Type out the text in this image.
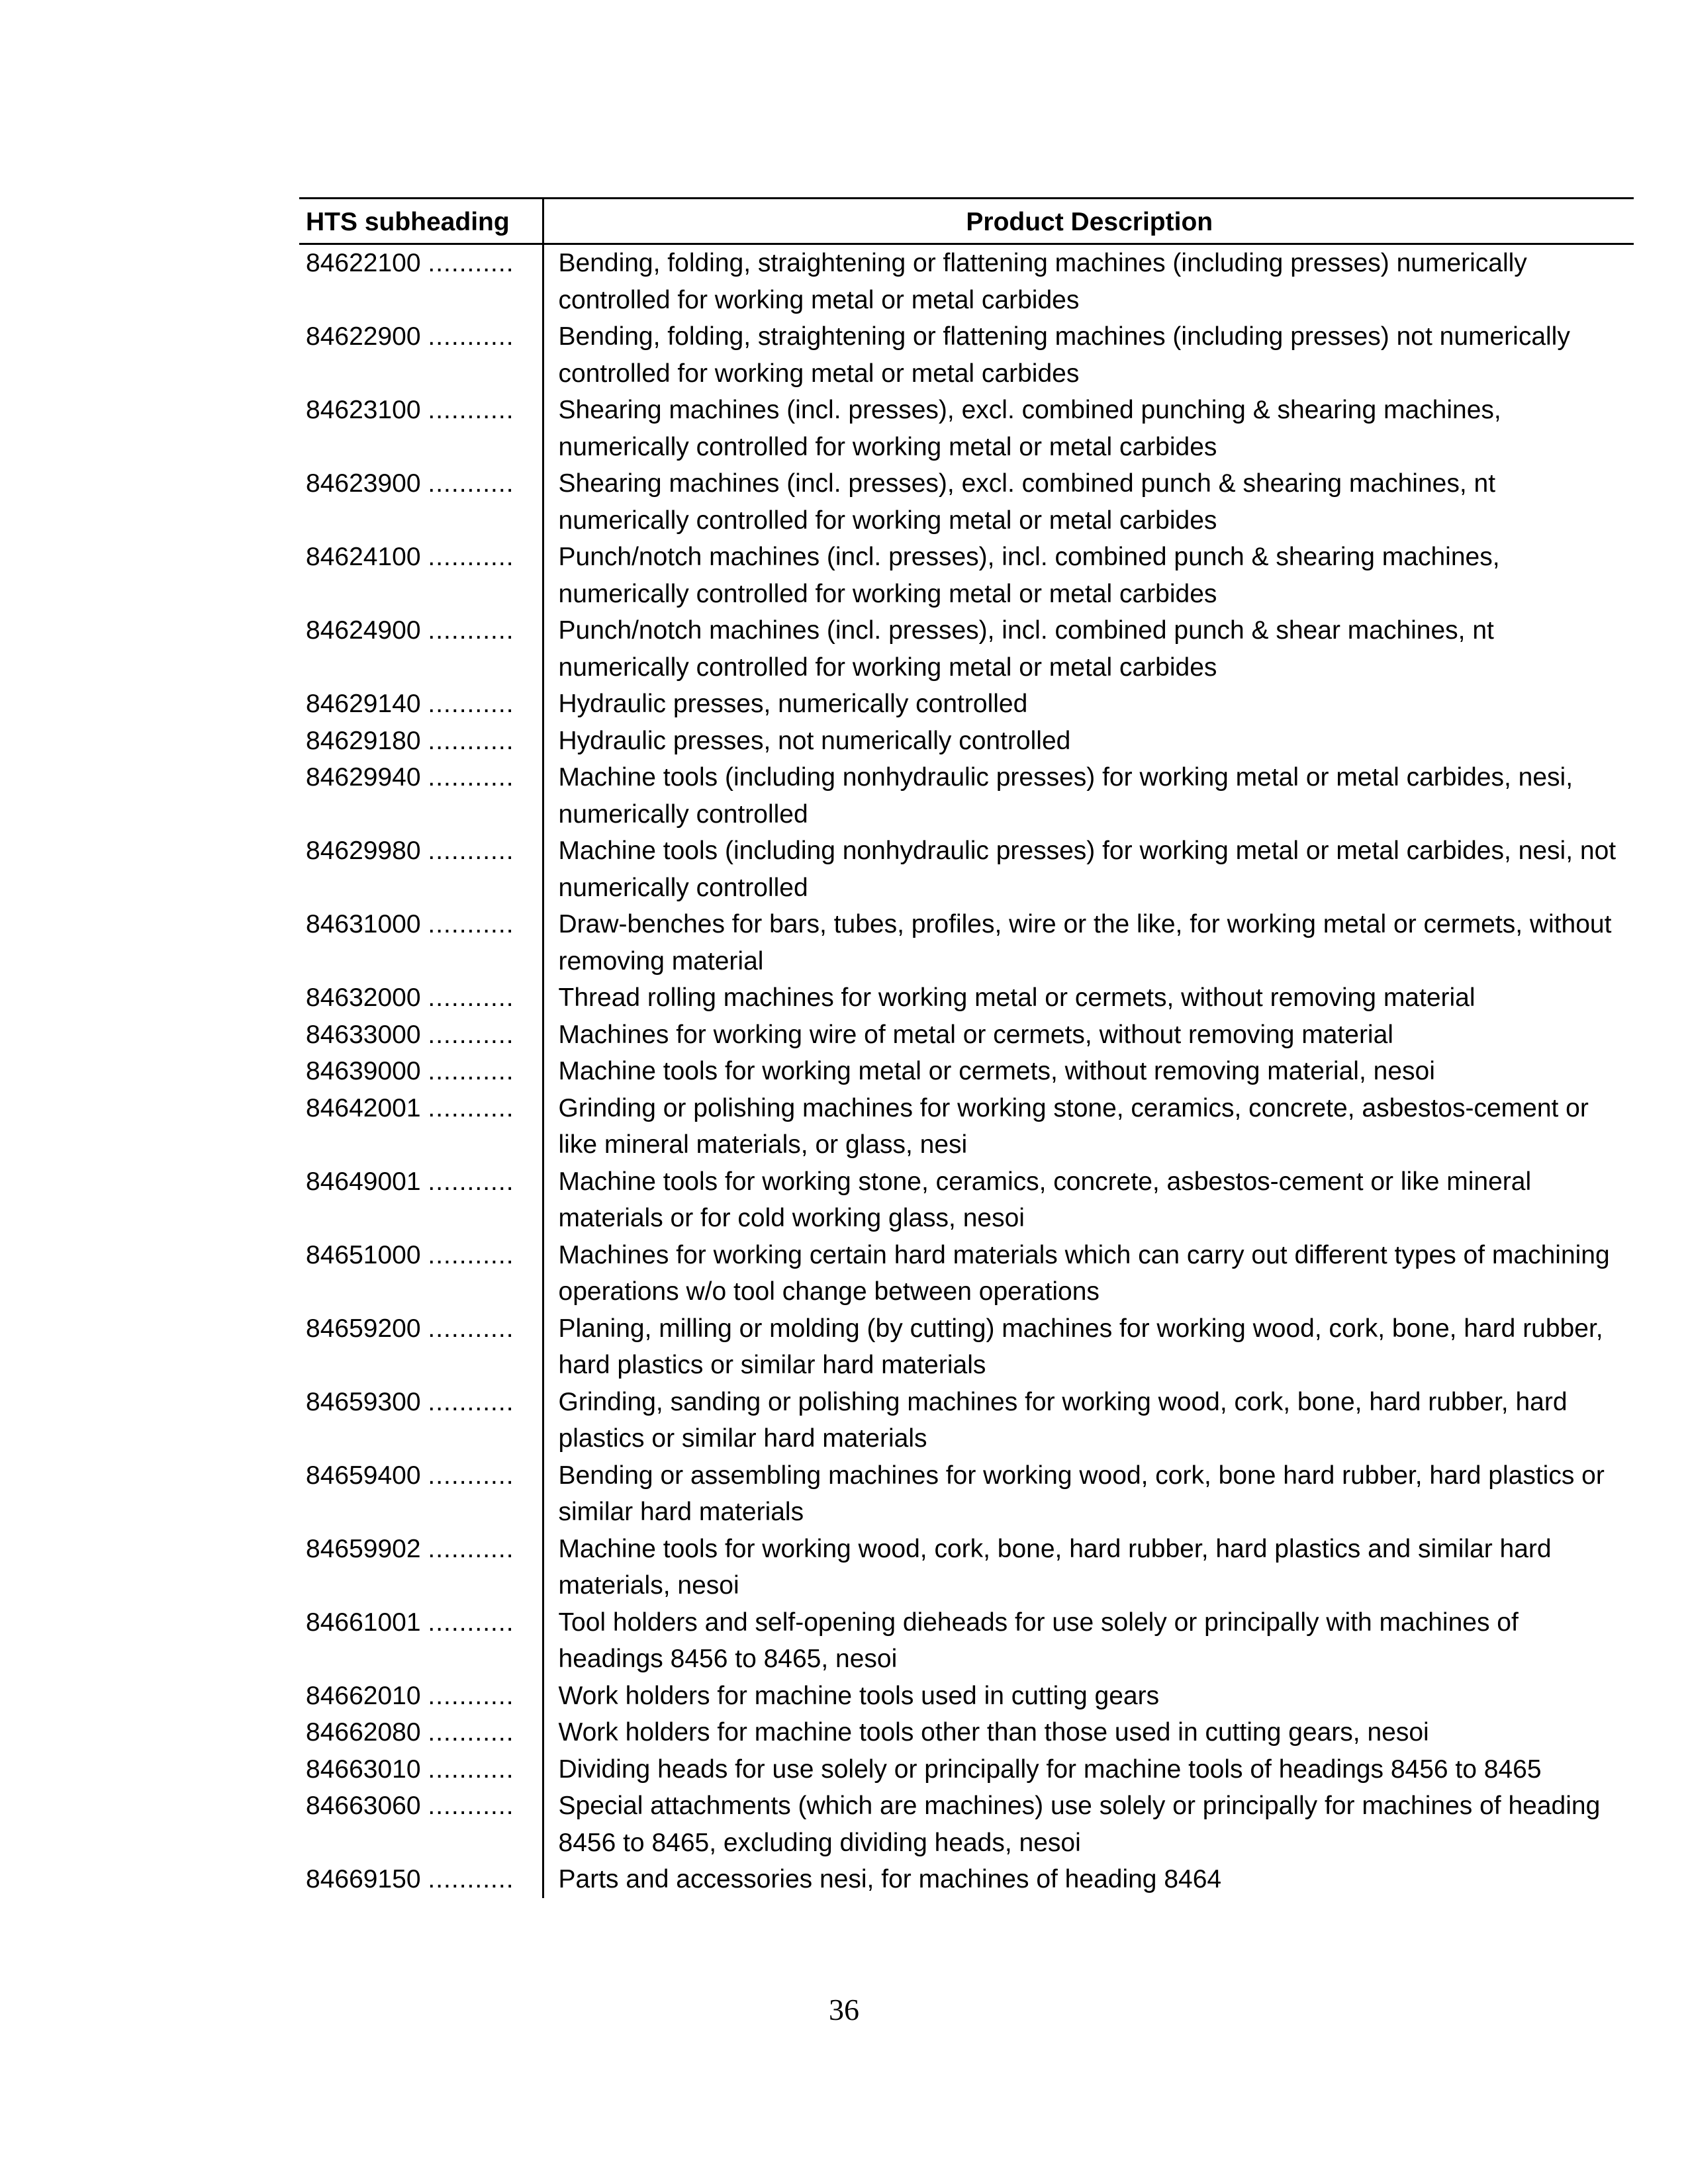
HTS subheading	Product Description
84622100 ...........	Bending, folding, straightening or flattening machines (including presses) numerically controlled for working metal or metal carbides
84622900 ...........	Bending, folding, straightening or flattening machines (including presses) not numerically controlled for working metal or metal carbides
84623100 ...........	Shearing machines (incl. presses), excl. combined punching & shearing machines, numerically controlled for working metal or metal carbides
84623900 ...........	Shearing machines (incl. presses), excl. combined punch & shearing machines, nt numerically controlled for working metal or metal carbides
84624100 ...........	Punch/notch machines (incl. presses), incl. combined punch & shearing machines, numerically controlled for working metal or metal carbides
84624900 ...........	Punch/notch machines (incl. presses), incl. combined punch & shear machines, nt numerically controlled for working metal or metal carbides
84629140 ...........	Hydraulic presses, numerically controlled
84629180 ...........	Hydraulic presses, not numerically controlled
84629940 ...........	Machine tools (including nonhydraulic presses) for working metal or metal carbides, nesi, numerically controlled
84629980 ...........	Machine tools (including nonhydraulic presses) for working metal or metal carbides, nesi, not numerically controlled
84631000 ...........	Draw-benches for bars, tubes, profiles, wire or the like, for working metal or cermets, without removing material
84632000 ...........	Thread rolling machines for working metal or cermets, without removing material
84633000 ...........	Machines for working wire of metal or cermets, without removing material
84639000 ...........	Machine tools for working metal or cermets, without removing material, nesoi
84642001 ...........	Grinding or polishing machines for working stone, ceramics, concrete, asbestos-cement or like mineral materials, or glass, nesi
84649001 ...........	Machine tools for working stone, ceramics, concrete, asbestos-cement or like mineral materials or for cold working glass, nesoi
84651000 ...........	Machines for working certain hard materials which can carry out different types of machining operations w/o tool change between operations
84659200 ...........	Planing, milling or molding (by cutting) machines for working wood, cork, bone, hard rubber, hard plastics or similar hard materials
84659300 ...........	Grinding, sanding or polishing machines for working wood, cork, bone, hard rubber, hard plastics or similar hard materials
84659400 ...........	Bending or assembling machines for working wood, cork, bone hard rubber, hard plastics or similar hard materials
84659902 ...........	Machine tools for working wood, cork, bone, hard rubber, hard plastics and similar hard materials, nesoi
84661001 ...........	Tool holders and self-opening dieheads for use solely or principally with machines of headings 8456 to 8465, nesoi
84662010 ...........	Work holders for machine tools used in cutting gears
84662080 ...........	Work holders for machine tools other than those used in cutting gears, nesoi
84663010 ...........	Dividing heads for use solely or principally for machine tools of headings 8456 to 8465
84663060 ...........	Special attachments (which are machines) use solely or principally for machines of heading 8456 to 8465, excluding dividing heads, nesoi
84669150 ...........	Parts and accessories nesi, for machines of heading 8464
36
